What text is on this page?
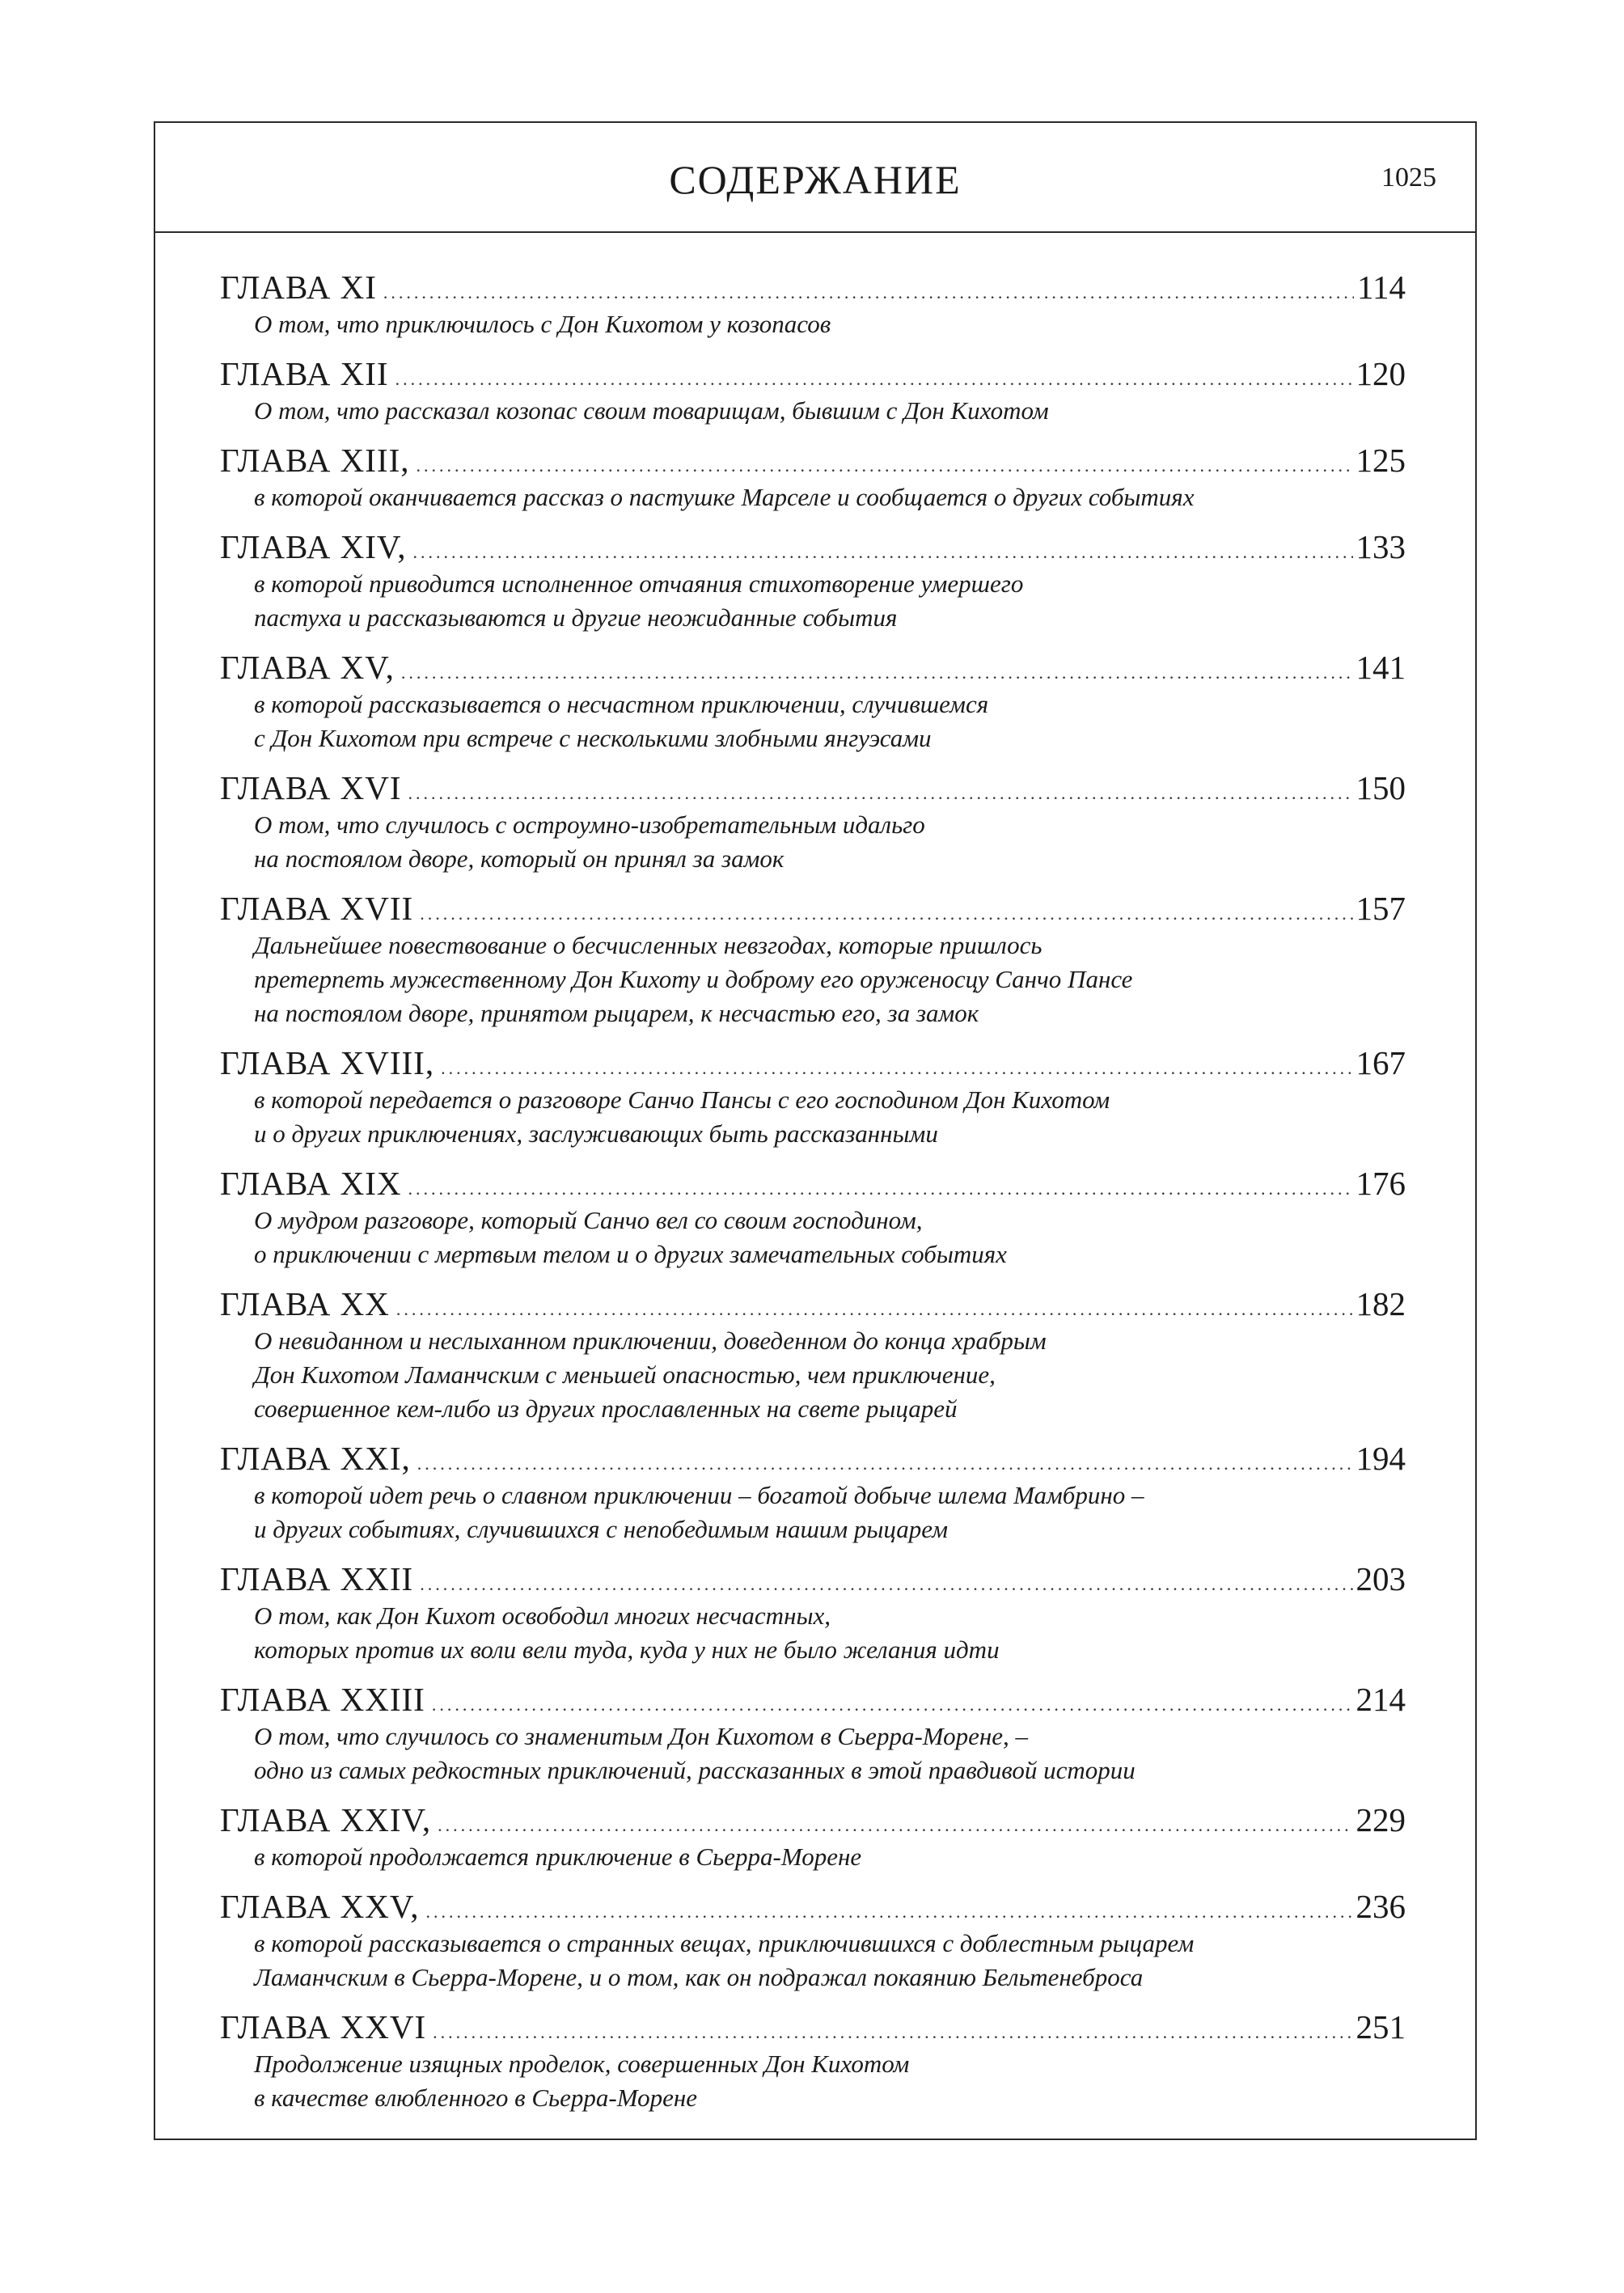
СОДЕРЖАНИЕ	1025
ГЛАВА XI .....	114
О том, что приключилось с Дон Кихотом у козопасов
ГЛАВА XII .....	120
О том, что рассказал козопас своим товарищам, бывшим с Дон Кихотом
ГЛАВА XIII, .....	125
в которой оканчивается рассказ о пастушке Марселе и сообщается о других событиях
ГЛАВА XIV, .....	133
в которой приводится исполненное отчаяния стихотворение умершего
пастуха и рассказываются и другие неожиданные события
ГЛАВА XV, .....	141
в которой рассказывается о несчастном приключении, случившемся
с Дон Кихотом при встрече с несколькими злобными янгуэсами
ГЛАВА XVI .....	150
О том, что случилось с остроумно-изобретательным идальго
на постоялом дворе, который он принял за замок
ГЛАВА XVII .....	157
Дальнейшее повествование о бесчисленных невзгодах, которые пришлось
претерпеть мужественному Дон Кихоту и доброму его оруженосцу Санчо Пансе
на постоялом дворе, принятом рыцарем, к несчастью его, за замок
ГЛАВА XVIII, .....	167
в которой передается о разговоре Санчо Пансы с его господином Дон Кихотом
и о других приключениях, заслуживающих быть рассказанными
ГЛАВА XIX .....	176
О мудром разговоре, который Санчо вел со своим господином,
о приключении с мертвым телом и о других замечательных событиях
ГЛАВА XX .....	182
О невиданном и неслыханном приключении, доведенном до конца храбрым
Дон Кихотом Ламанчским с меньшей опасностью, чем приключение,
совершенное кем-либо из других прославленных на свете рыцарей
ГЛАВА XXI, .....	194
в которой идет речь о славном приключении – богатой добыче шлема Мамбрино –
и других событиях, случившихся с непобедимым нашим рыцарем
ГЛАВА XXII .....	203
О том, как Дон Кихот освободил многих несчастных,
которых против их воли вели туда, куда у них не было желания идти
ГЛАВА XXIII .....	214
О том, что случилось со знаменитым Дон Кихотом в Сьерра-Морене, –
одно из самых редкостных приключений, рассказанных в этой правдивой истории
ГЛАВА XXIV, .....	229
в которой продолжается приключение в Сьерра-Морене
ГЛАВА XXV, .....	236
в которой рассказывается о странных вещах, приключившихся с доблестным рыцарем
Ламанчским в Сьерра-Морене, и о том, как он подражал покаянию Бельтенеброса
ГЛАВА XXVI .....	251
Продолжение изящных проделок, совершенных Дон Кихотом
в качестве влюбленного в Сьерра-Морене
